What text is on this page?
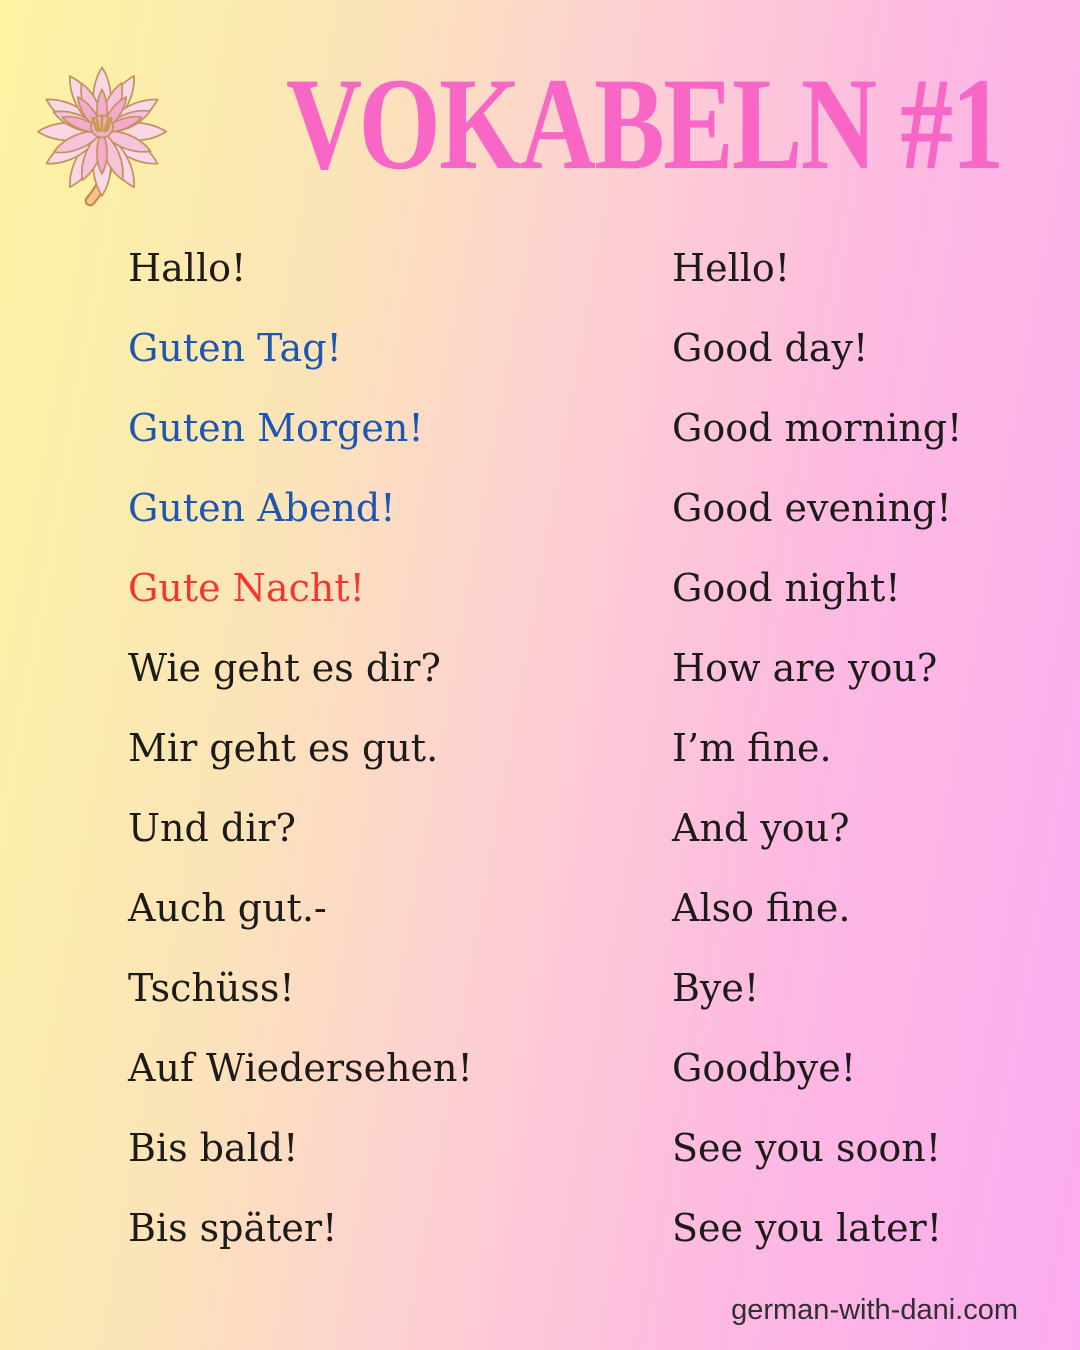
VOKABELN #1
Hallo!	Hello!
Guten Tag!	Good day!
Guten Morgen!	Good morning!
Guten Abend!	Good evening!
Gute Nacht!	Good night!
Wie geht es dir?	How are you?
Mir geht es gut.	I’m fine.
Und dir?	And you?
Auch gut.-	Also fine.
Tschüss!	Bye!
Auf Wiedersehen!	Goodbye!
Bis bald!	See you soon!
Bis später!	See you later!
german-with-dani.com
